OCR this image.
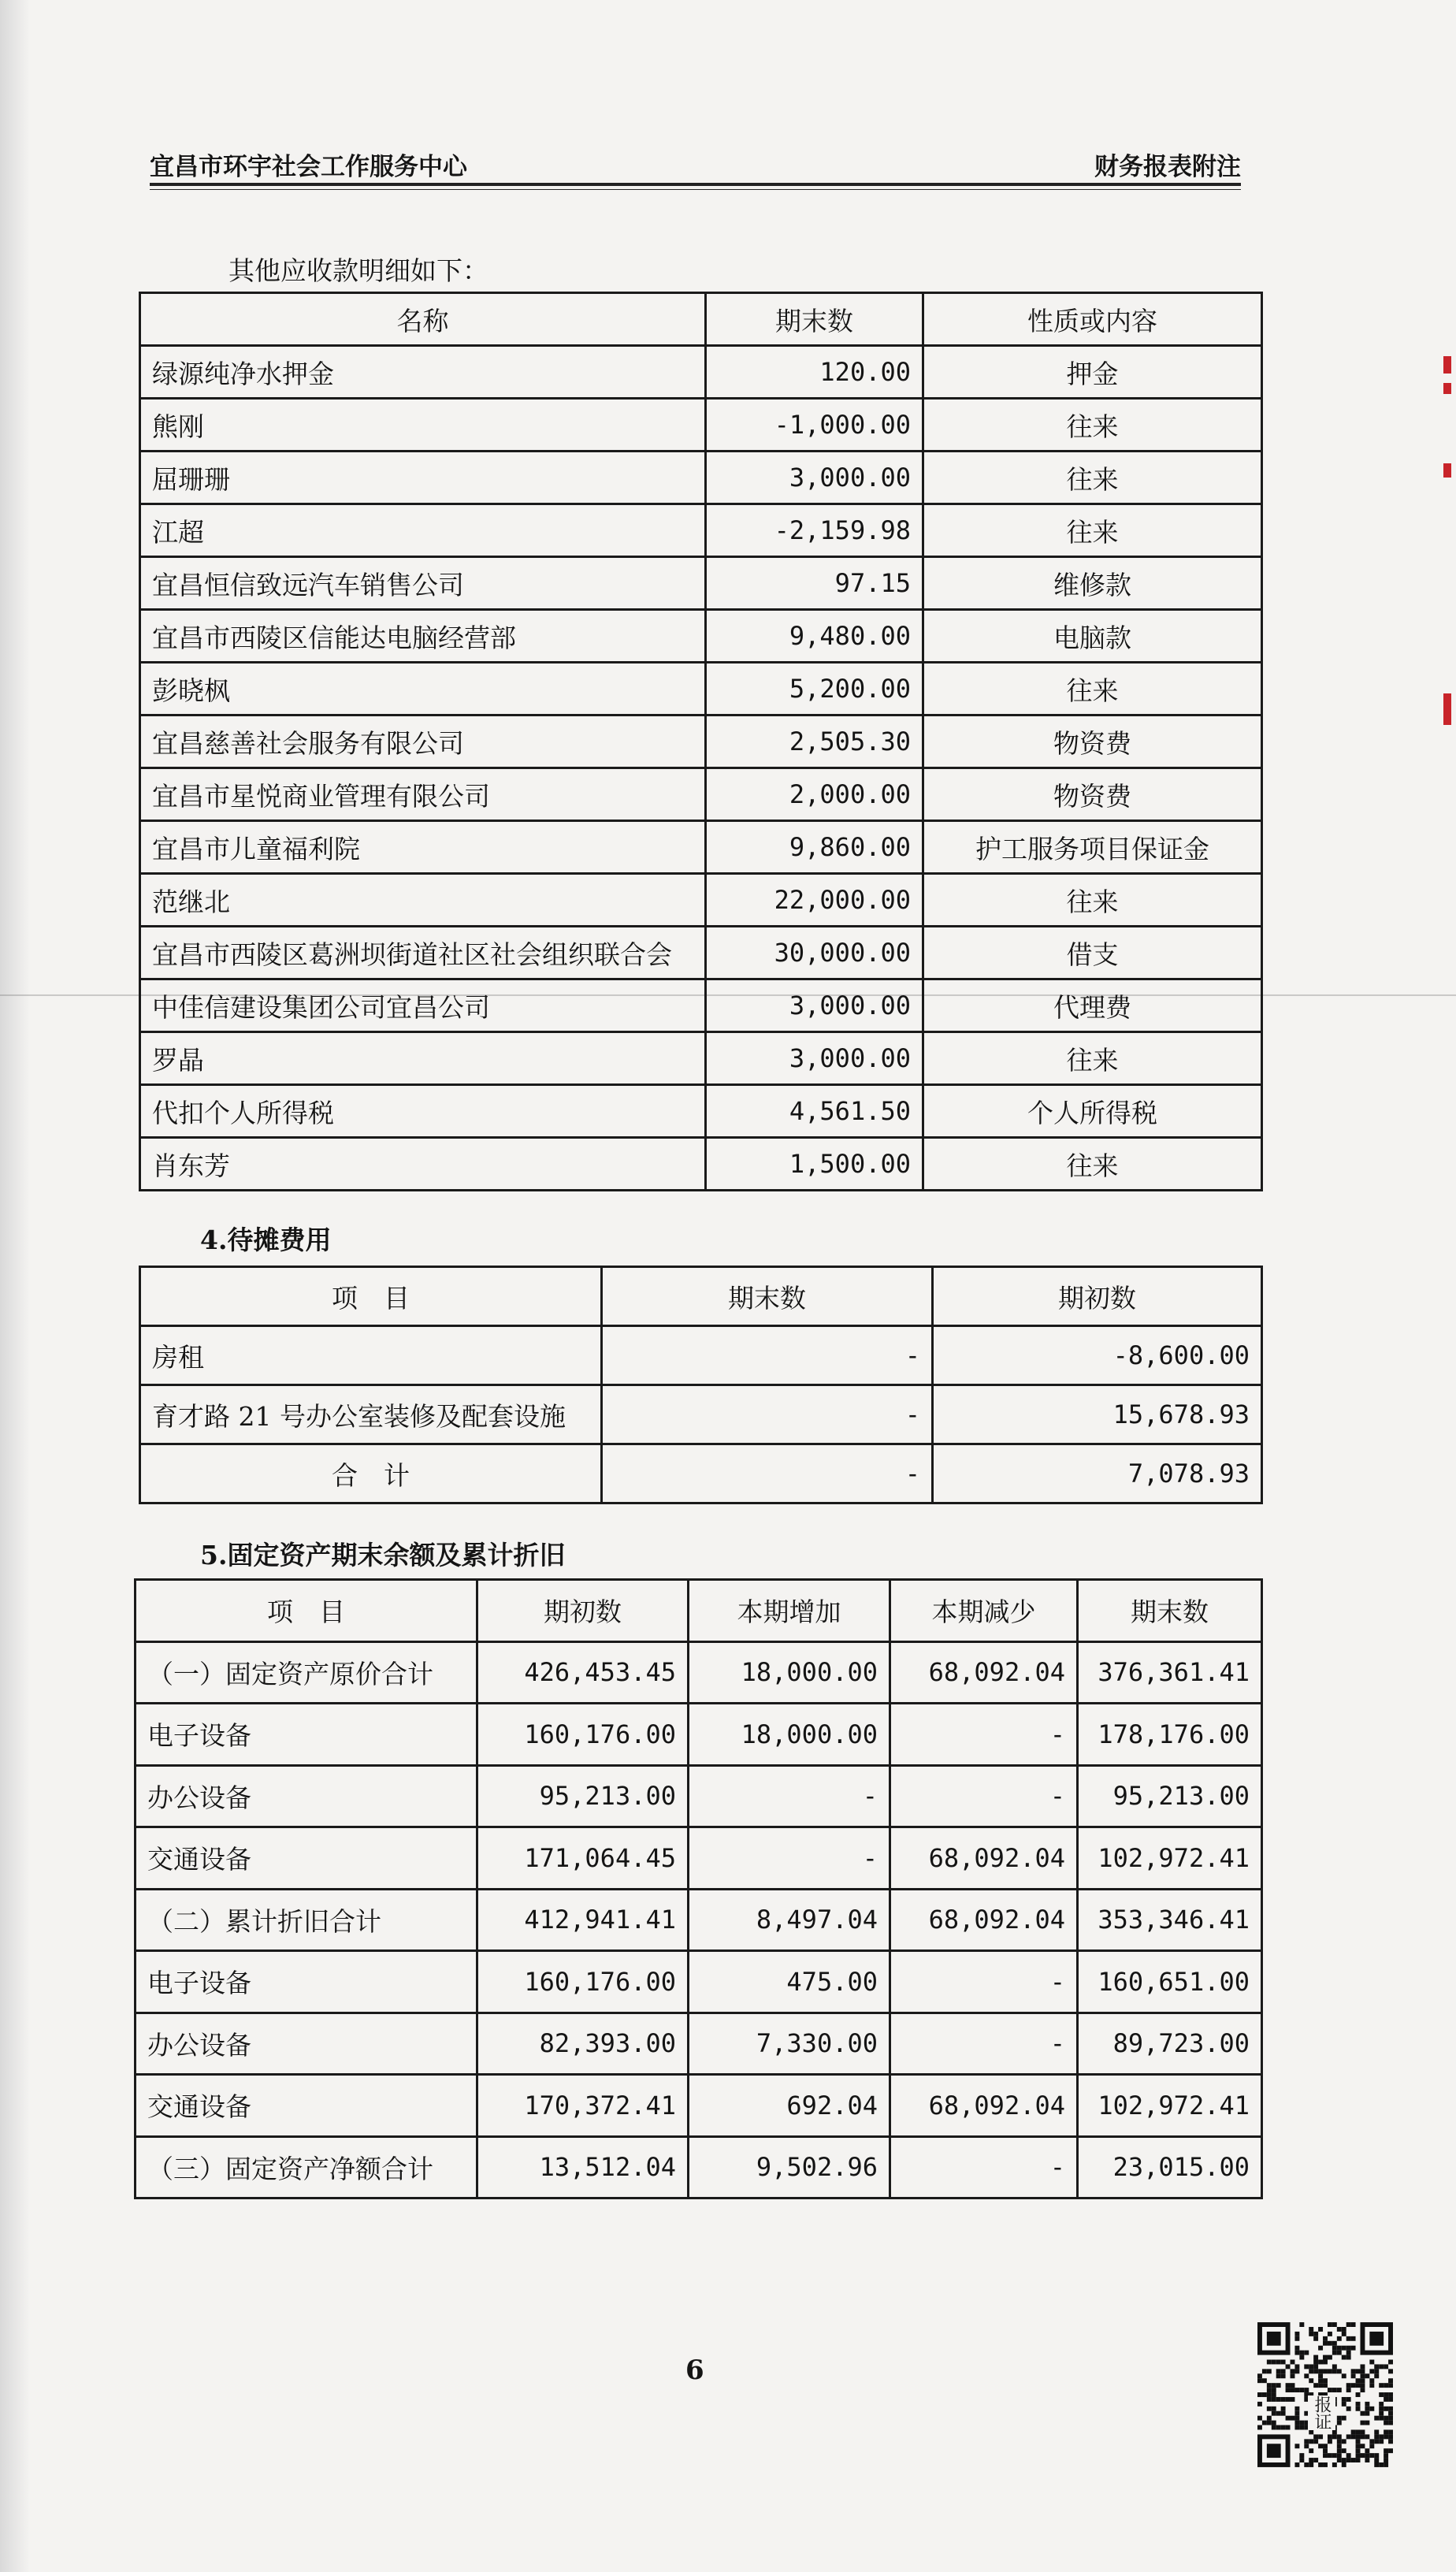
宜昌市环宇社会工作服务中心	财务报表附注
其他应收款明细如下：
名称	期末数	性质或内容
绿源纯净水押金	120.00	押金
熊刚	-1,000.00	往来
屈珊珊	3,000.00	往来
江超	-2,159.98	往来
宜昌恒信致远汽车销售公司	97.15	维修款
宜昌市西陵区信能达电脑经营部	9,480.00	电脑款
彭晓枫	5,200.00	往来
宜昌慈善社会服务有限公司	2,505.30	物资费
宜昌市星悦商业管理有限公司	2,000.00	物资费
宜昌市儿童福利院	9,860.00	护工服务项目保证金
范继北	22,000.00	往来
宜昌市西陵区葛洲坝街道社区社会组织联合会	30,000.00	借支
中佳信建设集团公司宜昌公司	3,000.00	代理费
罗晶	3,000.00	往来
代扣个人所得税	4,561.50	个人所得税
肖东芳	1,500.00	往来
4.待摊费用
项　目	期末数	期初数
房租	-	-8,600.00
育才路 21 号办公室装修及配套设施	-	15,678.93
合　计	-	7,078.93
5.固定资产期末余额及累计折旧
项　目	期初数	本期增加	本期减少	期末数
（一）固定资产原价合计	426,453.45	18,000.00	68,092.04	376,361.41
电子设备	160,176.00	18,000.00	-	178,176.00
办公设备	95,213.00	-	-	95,213.00
交通设备	171,064.45	-	68,092.04	102,972.41
（二）累计折旧合计	412,941.41	8,497.04	68,092.04	353,346.41
电子设备	160,176.00	475.00	-	160,651.00
办公设备	82,393.00	7,330.00	-	89,723.00
交通设备	170,372.41	692.04	68,092.04	102,972.41
（三）固定资产净额合计	13,512.04	9,502.96	-	23,015.00
6
报证
